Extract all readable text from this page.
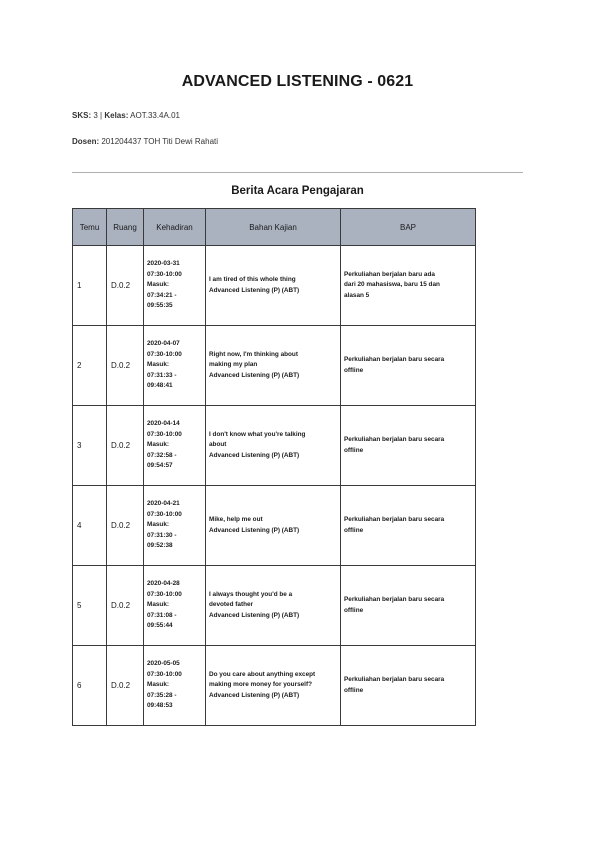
ADVANCED LISTENING - 0621
SKS: 3 | Kelas: AOT.33.4A.01
Dosen: 201204437 TOH Titi Dewi Rahati
Berita Acara Pengajaran
Temu	Ruang	Kehadiran	Bahan Kajian	BAP
1	D.0.2	2020-03-31
07:30-10:00
Masuk:
07:34:21 -
09:55:35	I am tired of this whole thing
Advanced Listening (P) (ABT)	Perkuliahan berjalan baru ada
dari 20 mahasiswa, baru 15 dan
alasan 5

2	D.0.2	2020-04-07
07:30-10:00
Masuk:
07:31:33 -
09:48:41	Right now, I'm thinking about
making my plan
Advanced Listening (P) (ABT)	Perkuliahan berjalan baru secara
offline

3	D.0.2	2020-04-14
07:30-10:00
Masuk:
07:32:58 -
09:54:57	I don't know what you're talking
about
Advanced Listening (P) (ABT)	Perkuliahan berjalan baru secara
offline

4	D.0.2	2020-04-21
07:30-10:00
Masuk:
07:31:30 -
09:52:38	Mike, help me out
Advanced Listening (P) (ABT)	Perkuliahan berjalan baru secara
offline

5	D.0.2	2020-04-28
07:30-10:00
Masuk:
07:31:08 -
09:55:44	I always thought you'd be a
devoted father
Advanced Listening (P) (ABT)	Perkuliahan berjalan baru secara
offline

6	D.0.2	2020-05-05
07:30-10:00
Masuk:
07:35:28 -
09:48:53	Do you care about anything except
making more money for yourself?
Advanced Listening (P) (ABT)	Perkuliahan berjalan baru secara
offline
